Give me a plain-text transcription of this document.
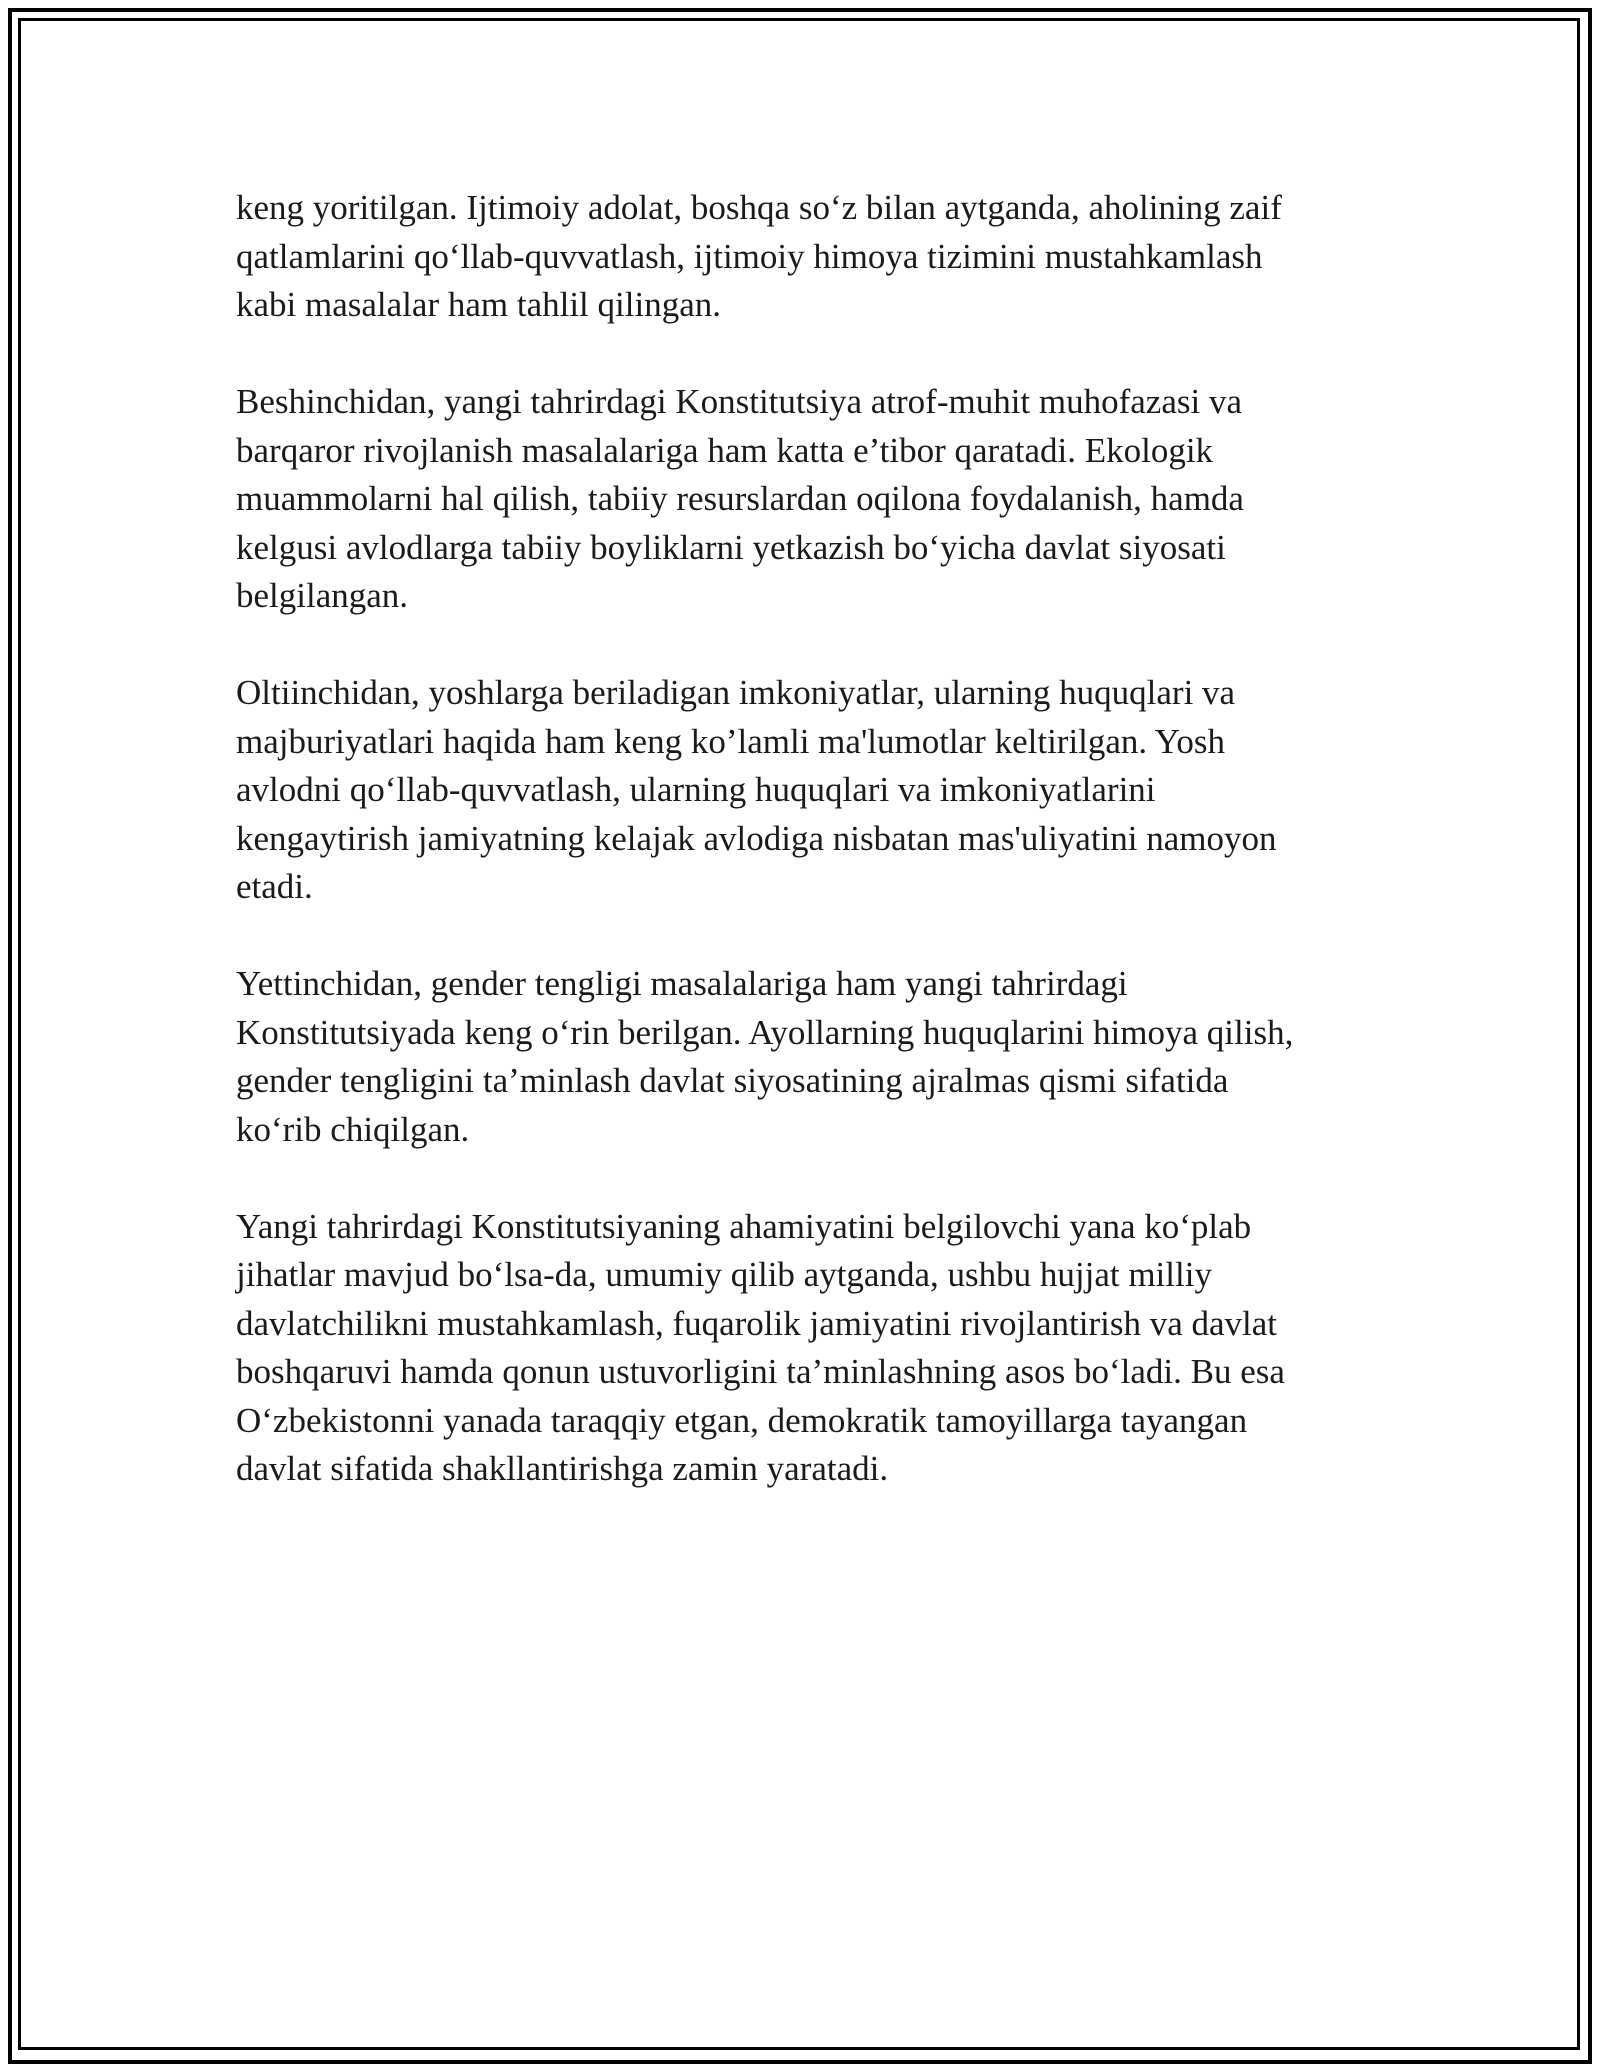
keng yoritilgan. Ijtimoiy adolat, boshqa so‘z bilan aytganda, aholining zaif
qatlamlarini qo‘llab-quvvatlash, ijtimoiy himoya tizimini mustahkamlash
kabi masalalar ham tahlil qilingan.

Beshinchidan, yangi tahrirdagi Konstitutsiya atrof-muhit muhofazasi va
barqaror rivojlanish masalalariga ham katta e’tibor qaratadi. Ekologik
muammolarni hal qilish, tabiiy resurslardan oqilona foydalanish, hamda
kelgusi avlodlarga tabiiy boyliklarni yetkazish bo‘yicha davlat siyosati
belgilangan.

Oltiinchidan, yoshlarga beriladigan imkoniyatlar, ularning huquqlari va
majburiyatlari haqida ham keng ko’lamli ma'lumotlar keltirilgan. Yosh
avlodni qo‘llab-quvvatlash, ularning huquqlari va imkoniyatlarini
kengaytirish jamiyatning kelajak avlodiga nisbatan mas'uliyatini namoyon
etadi.

Yettinchidan, gender tengligi masalalariga ham yangi tahrirdagi
Konstitutsiyada keng o‘rin berilgan. Ayollarning huquqlarini himoya qilish,
gender tengligini ta’minlash davlat siyosatining ajralmas qismi sifatida
ko‘rib chiqilgan.

Yangi tahrirdagi Konstitutsiyaning ahamiyatini belgilovchi yana ko‘plab
jihatlar mavjud bo‘lsa-da, umumiy qilib aytganda, ushbu hujjat milliy
davlatchilikni mustahkamlash, fuqarolik jamiyatini rivojlantirish va davlat
boshqaruvi hamda qonun ustuvorligini ta’minlashning asos bo‘ladi. Bu esa
O‘zbekistonni yanada taraqqiy etgan, demokratik tamoyillarga tayangan
davlat sifatida shakllantirishga zamin yaratadi.
